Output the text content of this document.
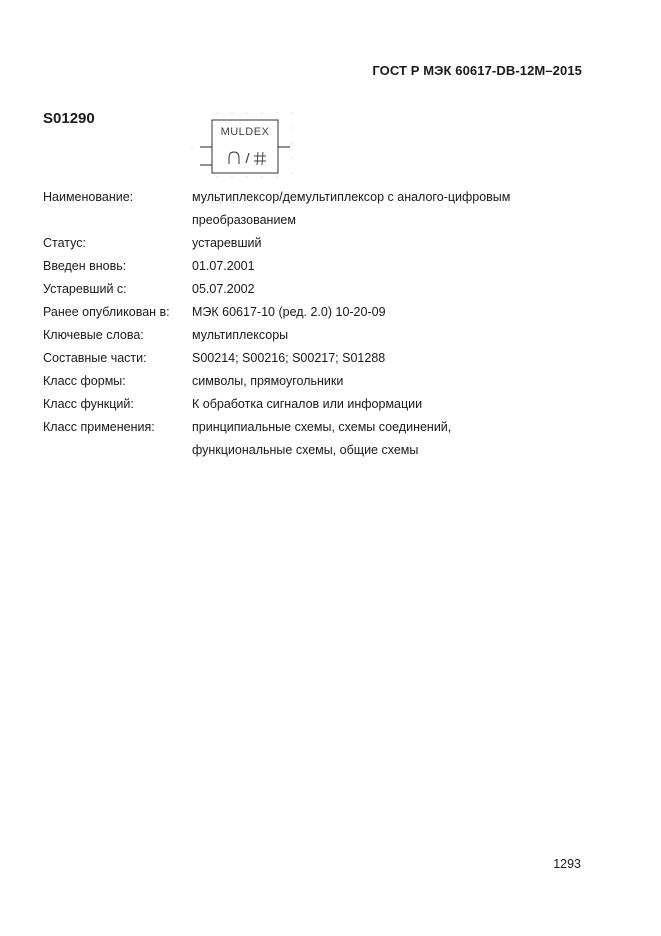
ГОСТ Р МЭК 60617-DB-12M–2015
S01290
MULDEX
Наименование:	мультиплексор/демультиплексор с аналого-цифровым
преобразованием
Статус:	устаревший
Введен вновь:	01.07.2001
Устаревший с:	05.07.2002
Ранее опубликован в:	МЭК 60617-10 (ред. 2.0) 10-20-09
Ключевые слова:	мультиплексоры
Составные части:	S00214; S00216; S00217; S01288
Класс формы:	символы, прямоугольники
Класс функций:	К обработка сигналов или информации
Класс применения:	принципиальные схемы, схемы соединений,
функциональные схемы, общие схемы
1293
